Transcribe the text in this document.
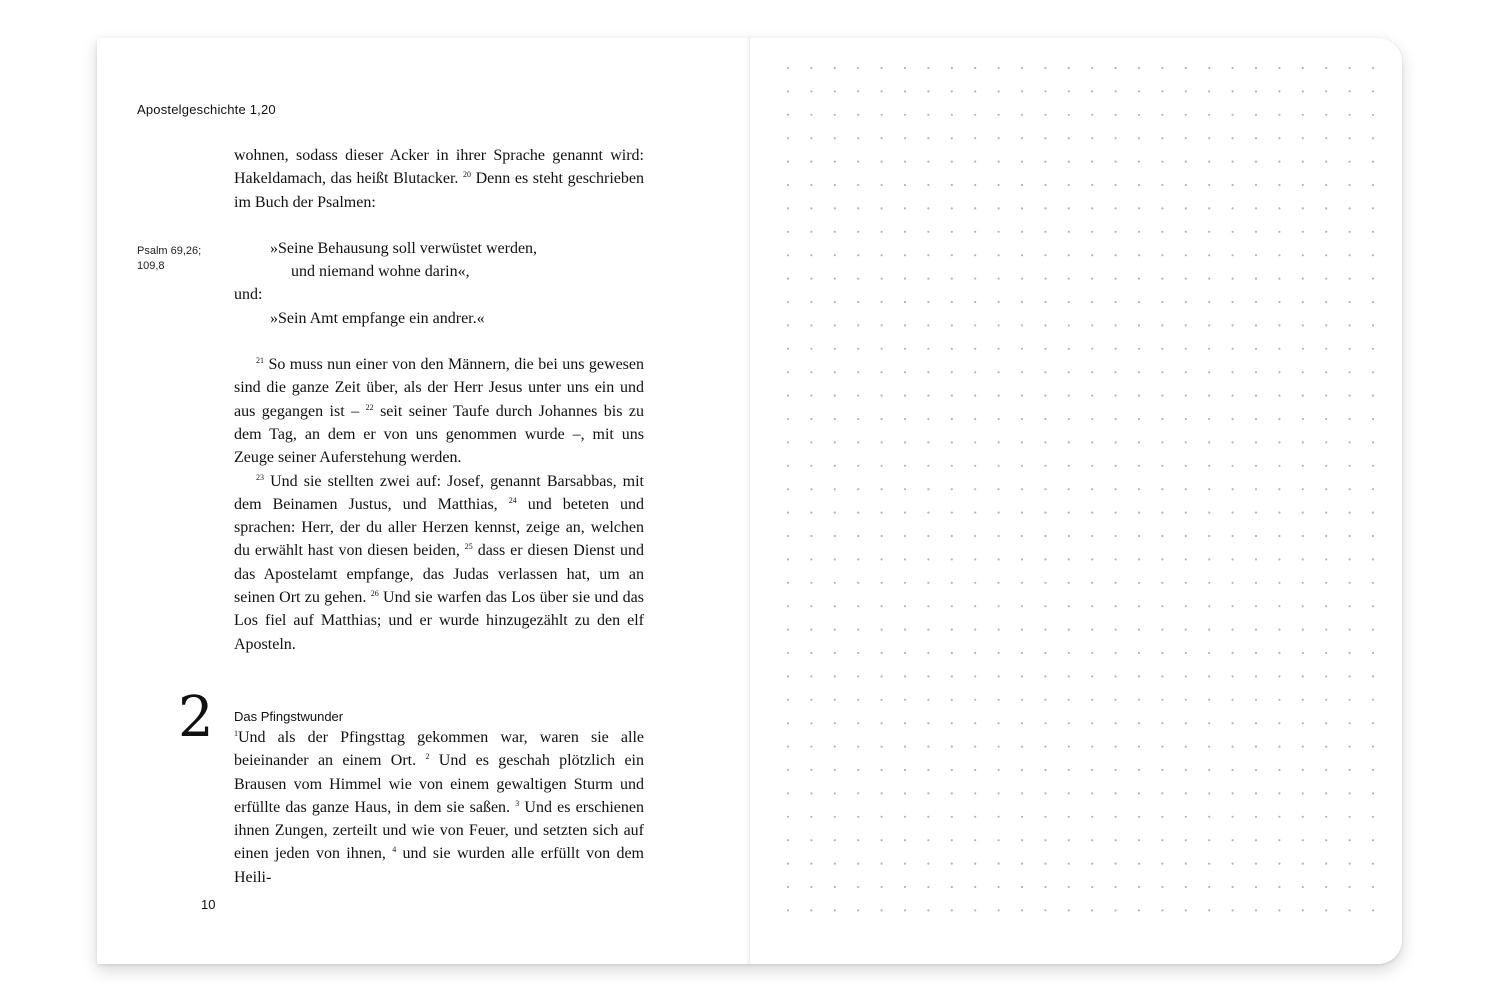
Apostelgeschichte 1,20
Psalm 69,26;
109,8

wohnen, sodass dieser Acker in ihrer Sprache genannt wird: Hakeldamach, das heißt Blutacker. $^{20}$ Denn es steht geschrieben im Buch der Psalmen:

»Seine Behausung soll verwüstet werden,
und niemand wohne darin«,
und:
»Sein Amt empfange ein andrer.«

$^{21}$ So muss nun einer von den Männern, die bei uns gewesen sind die ganze Zeit über, als der Herr Jesus unter uns ein und aus gegangen ist – $^{22}$ seit seiner Taufe durch Johannes bis zu dem Tag, an dem er von uns genommen wurde –, mit uns Zeuge seiner Auferstehung werden.

$^{23}$ Und sie stellten zwei auf: Josef, genannt Barsabbas, mit dem Beinamen Justus, und Matthias, $^{24}$ und beteten und sprachen: Herr, der du aller Herzen kennst, zeige an, welchen du erwählt hast von diesen beiden, $^{25}$ dass er diesen Dienst und das Apostelamt empfange, das Judas verlassen hat, um an seinen Ort zu gehen. $^{26}$ Und sie warfen das Los über sie und das Los fiel auf Matthias; und er wurde hinzugezählt zu den elf Aposteln.

2 Das Pfingstwunder

$^1$Und als der Pfingsttag gekommen war, waren sie alle beieinander an einem Ort. $^2$ Und es geschah plötzlich ein Brausen vom Himmel wie von einem gewaltigen Sturm und erfüllte das ganze Haus, in dem sie saßen. $^3$ Und es erschienen ihnen Zungen, zerteilt und wie von Feuer, und setzten sich auf einen jeden von ihnen, $^4$ und sie wurden alle erfüllt von dem Heili-

10
